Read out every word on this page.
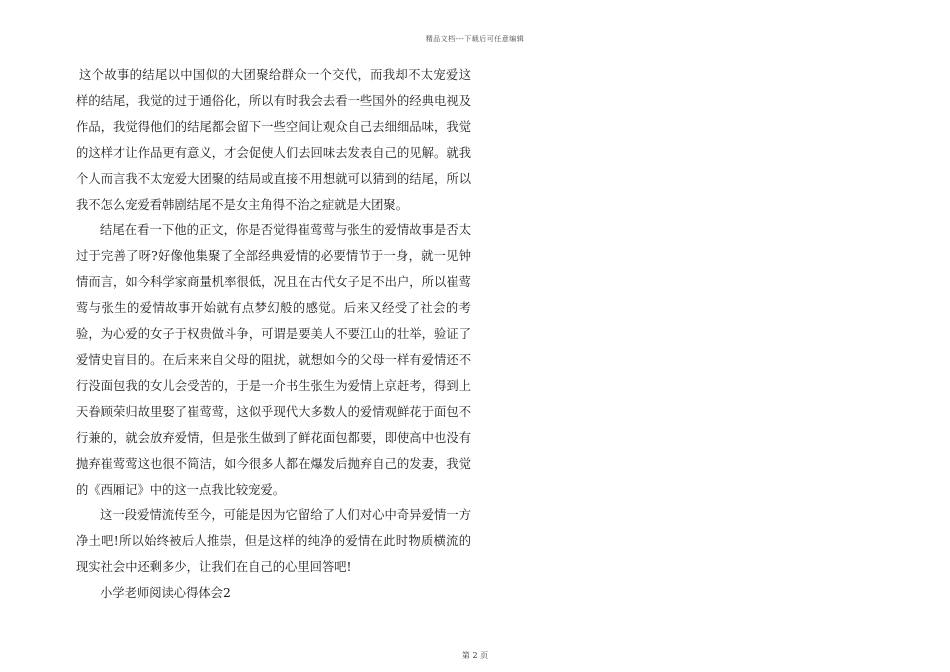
精品文档---下载后可任意编辑

这个故事的结尾以中国似的大团聚给群众一个交代，而我却不太宠爱这样的结尾，我觉的过于通俗化，所以有时我会去看一些国外的经典电视及作品，我觉得他们的结尾都会留下一些空间让观众自己去细细品味，我觉的这样才让作品更有意义，才会促使人们去回味去发表自己的见解。就我个人而言我不太宠爱大团聚的结局或直接不用想就可以猜到的结尾，所以我不怎么宠爱看韩剧结尾不是女主角得不治之症就是大团聚。

结尾在看一下他的正文，你是否觉得崔莺莺与张生的爱情故事是否太过于完善了呀?好像他集聚了全部经典爱情的必要情节于一身，就一见钟情而言，如今科学家商量机率很低，况且在古代女子足不出户，所以崔莺莺与张生的爱情故事开始就有点梦幻般的感觉。后来又经受了社会的考验，为心爱的女子于权贵做斗争，可谓是要美人不要江山的壮举，验证了爱情史盲目的。在后来来自父母的阻扰，就想如今的父母一样有爱情还不行没面包我的女儿会受苦的，于是一介书生张生为爱情上京赶考，得到上天眷顾荣归故里娶了崔莺莺，这似乎现代大多数人的爱情观鲜花于面包不行兼的，就会放弃爱情，但是张生做到了鲜花面包都要，即使高中也没有抛弃崔莺莺这也很不简洁，如今很多人都在爆发后抛弃自己的发妻，我觉的《西厢记》中的这一点我比较宠爱。

这一段爱情流传至今，可能是因为它留给了人们对心中奇异爱情一方净土吧!所以始终被后人推崇，但是这样的纯净的爱情在此时物质横流的现实社会中还剩多少，让我们在自己的心里回答吧!

小学老师阅读心得体会2

第 2 页
